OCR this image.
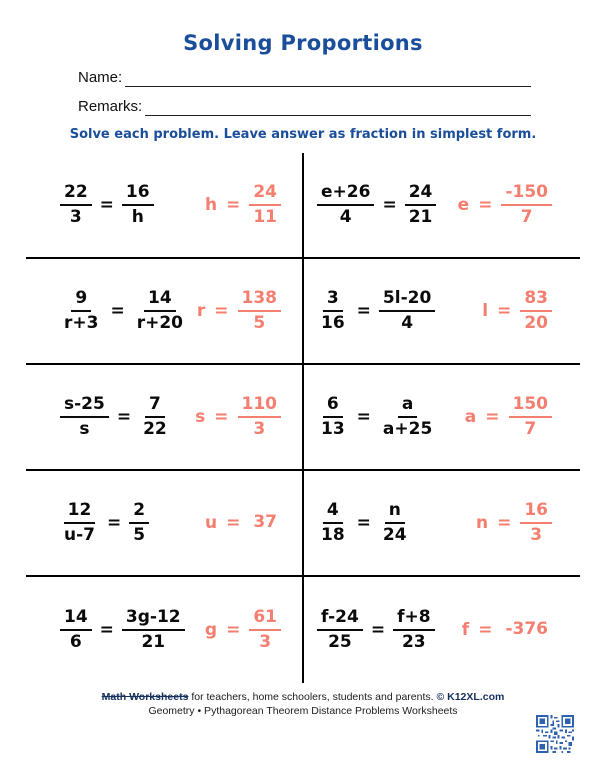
Solving Proportions
Name:
Remarks:
Solve each problem. Leave answer as fraction in simplest form.
$\frac{22}{3} = \frac{16}{h}$	$h = \frac{24}{11} \frac{e+26}{4} = \frac{24}{21}$ $e = \frac{-150}{7}$
$\frac{9}{r+3} = \frac{14}{r+20}$ $r = \frac{138}{5} \frac{3}{16} = \frac{5l-20}{4}$	$l = \frac{83}{20}$
$\frac{s-25}{s} = \frac{7}{22}$ $s = \frac{110}{3} \frac{6}{13} = \frac{a}{a+25}$ $a = \frac{150}{7}$
$\frac{12}{u-7} = \frac{2}{5}$	$u = 37 \frac{4}{18} = \frac{n}{24}$	$n = \frac{16}{3}$
$\frac{14}{6} = \frac{3g-12}{21}$ $g = \frac{61}{3} \frac{f-24}{25} = \frac{f+8}{23}$ f = -376
Math Worksheets for teachers, home schoolers, students and parents. © K12XL.com
Geometry • Pythagorean Theorem Distance Problems Worksheets
